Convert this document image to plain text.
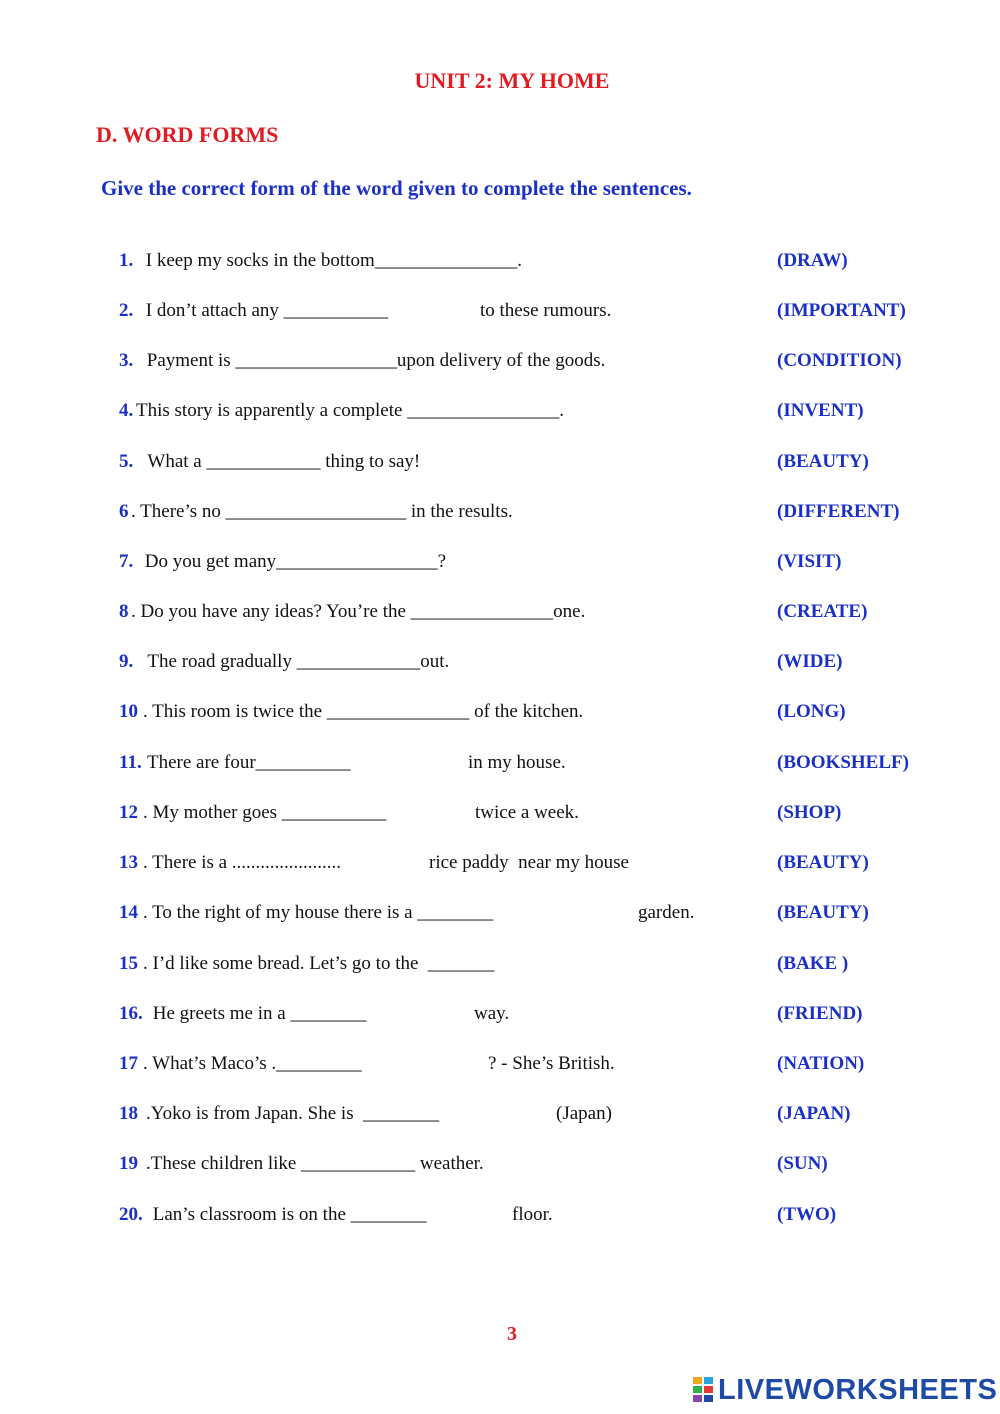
UNIT 2: MY HOME
D. WORD FORMS
Give the correct form of the word given to complete the sentences.
1. I keep my socks in the bottom_______________.	(DRAW)
2. I don’t attach any ___________	to these rumours.	(IMPORTANT)
3. Payment is _________________upon delivery of the goods.	(CONDITION)
4. This story is apparently a complete ________________.	(INVENT)
5. What a ____________ thing to say!	(BEAUTY)
6 . There’s no ___________________ in the results.	(DIFFERENT)
7. Do you get many_________________?	(VISIT)
8 . Do you have any ideas? You’re the _______________one.	(CREATE)
9. The road gradually _____________out.	(WIDE)
10 . This room is twice the _______________ of the kitchen.	(LONG)
11. There are four__________	in my house.	(BOOKSHELF)
12 . My mother goes ___________	twice a week.	(SHOP)
13 . There is a .......................	rice paddy  near my house	(BEAUTY)
14 . To the right of my house there is a ________	garden.	(BEAUTY)
15 . I’d like some bread. Let’s go to the  _______	(BAKE )
16. He greets me in a ________	way.	(FRIEND)
17 . What’s Maco’s ._________	? - She’s British.	(NATION)
18 .Yoko is from Japan. She is  ________	(Japan)	(JAPAN)
19 .These children like ____________ weather.	(SUN)
20. Lan’s classroom is on the ________	floor.	(TWO)
3
LIVEWORKSHEETS
